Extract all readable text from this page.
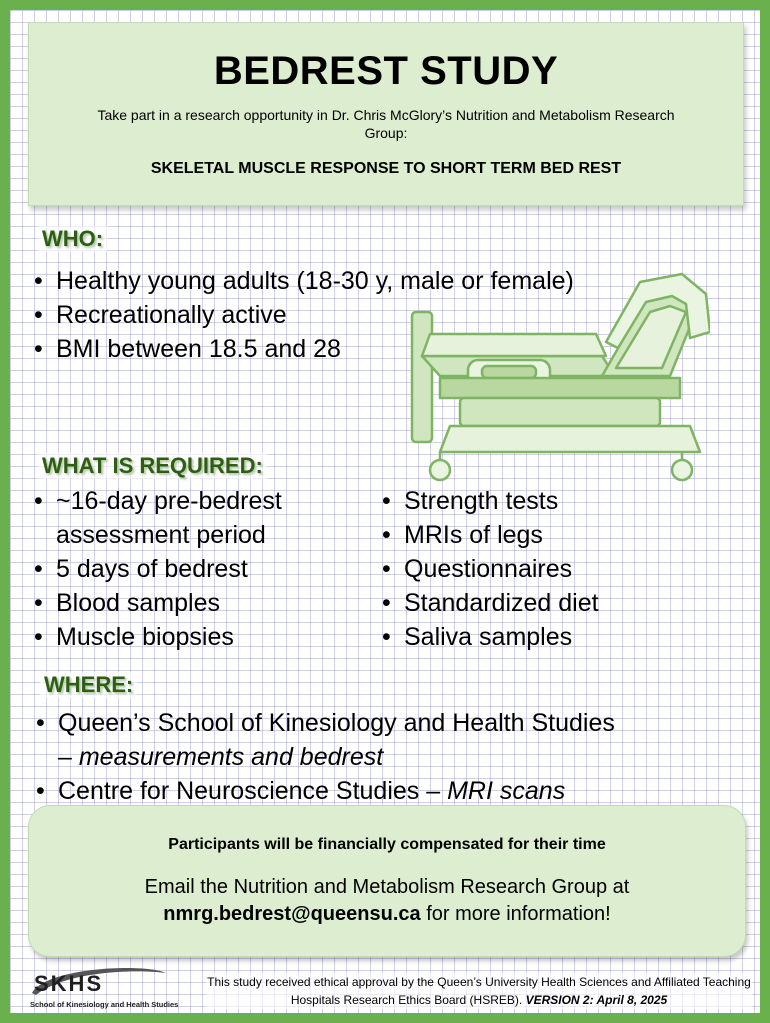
BEDREST STUDY

Take part in a research opportunity in Dr. Chris McGlory’s Nutrition and Metabolism Research Group:

SKELETAL MUSCLE RESPONSE TO SHORT TERM BED REST

WHO:
• Healthy young adults (18-30 y, male or female)
• Recreationally active
• BMI between 18.5 and 28
WHAT IS REQUIRED:
• ~16-day pre-bedrest assessment period
• 5 days of bedrest
• Blood samples
• Muscle biopsies
• Strength tests
• MRIs of legs
• Questionnaires
• Standardized diet
• Saliva samples
WHERE:
• Queen’s School of Kinesiology and Health Studies
– measurements and bedrest
• Centre for Neuroscience Studies – MRI scans

Participants will be financially compensated for their time

Email the Nutrition and Metabolism Research Group at
nmrg.bedrest@queensu.ca for more information!

SKHS
School of Kinesiology and Health Studies
This study received ethical approval by the Queen’s University Health Sciences and Affiliated Teaching Hospitals Research Ethics Board (HSREB). VERSION 2: April 8, 2025
